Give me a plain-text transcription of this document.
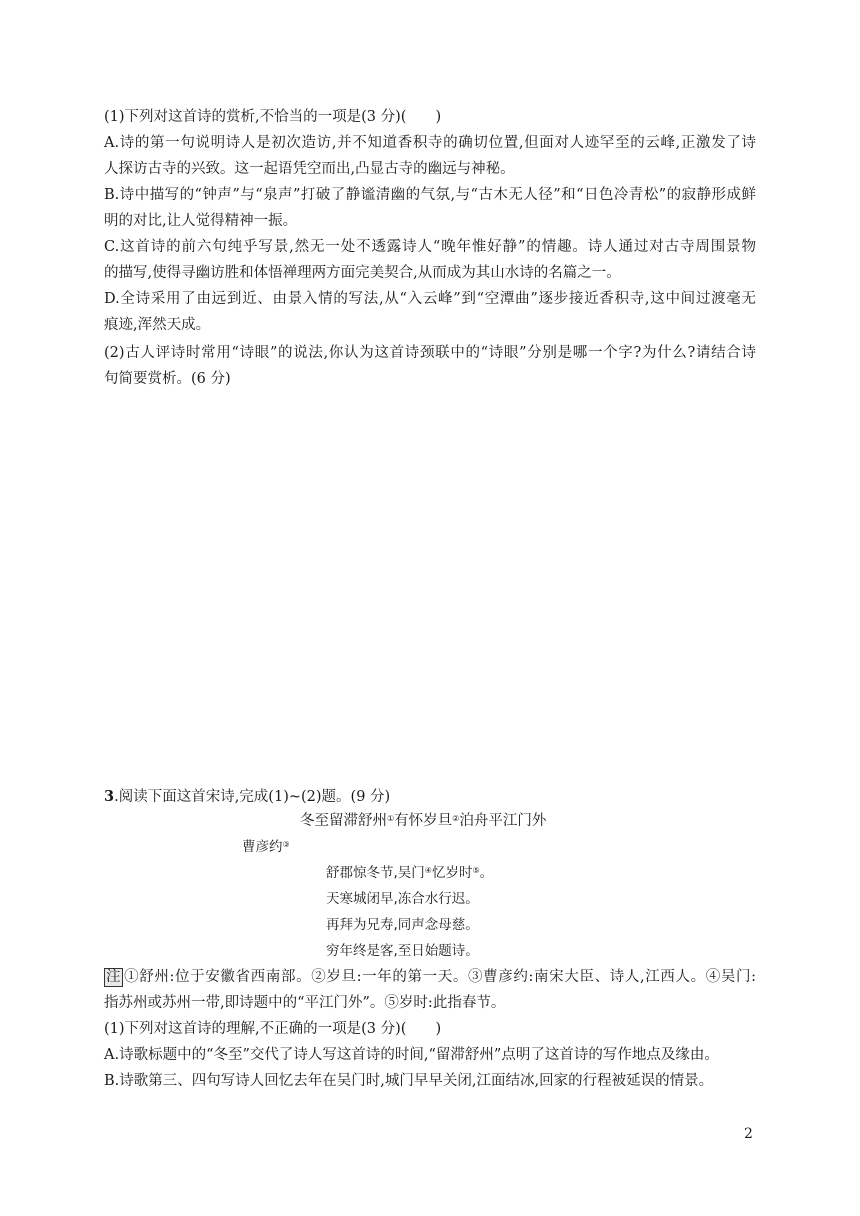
(1)下列对这首诗的赏析,不恰当的一项是(3 分)(　　)

A.诗的第一句说明诗人是初次造访,并不知道香积寺的确切位置,但面对人迹罕至的云峰,正激发了诗
人探访古寺的兴致。这一起语凭空而出,凸显古寺的幽远与神秘。

B.诗中描写的“钟声”与“泉声”打破了静谧清幽的气氛,与“古木无人径”和“日色冷青松”的寂静形成鲜
明的对比,让人觉得精神一振。

C.这首诗的前六句纯乎写景,然无一处不透露诗人“晚年惟好静”的情趣。诗人通过对古寺周围景物
的描写,使得寻幽访胜和体悟禅理两方面完美契合,从而成为其山水诗的名篇之一。

D.全诗采用了由远到近、由景入情的写法,从“入云峰”到“空潭曲”逐步接近香积寺,这中间过渡毫无
痕迹,浑然天成。

(2)古人评诗时常用“诗眼”的说法,你认为这首诗颈联中的“诗眼”分别是哪一个字?为什么?请结合诗
句简要赏析。(6 分)

3.阅读下面这首宋诗,完成(1)~(2)题。(9 分)

冬至留滞舒州①有怀岁旦②泊舟平江门外

曹彦约③

舒郡惊冬节,吴门④忆岁时⑤。

天寒城闭早,冻合水行迟。

再拜为兄寿,同声念母慈。

穷年终是客,至日始题诗。

注 ①舒州:位于安徽省西南部。②岁旦:一年的第一天。③曹彦约:南宋大臣、诗人,江西人。④吴门:
指苏州或苏州一带,即诗题中的“平江门外”。⑤岁时:此指春节。

(1)下列对这首诗的理解,不正确的一项是(3 分)(　　)

A.诗歌标题中的“冬至”交代了诗人写这首诗的时间,“留滞舒州”点明了这首诗的写作地点及缘由。

B.诗歌第三、四句写诗人回忆去年在吴门时,城门早早关闭,江面结冰,回家的行程被延误的情景。

2
